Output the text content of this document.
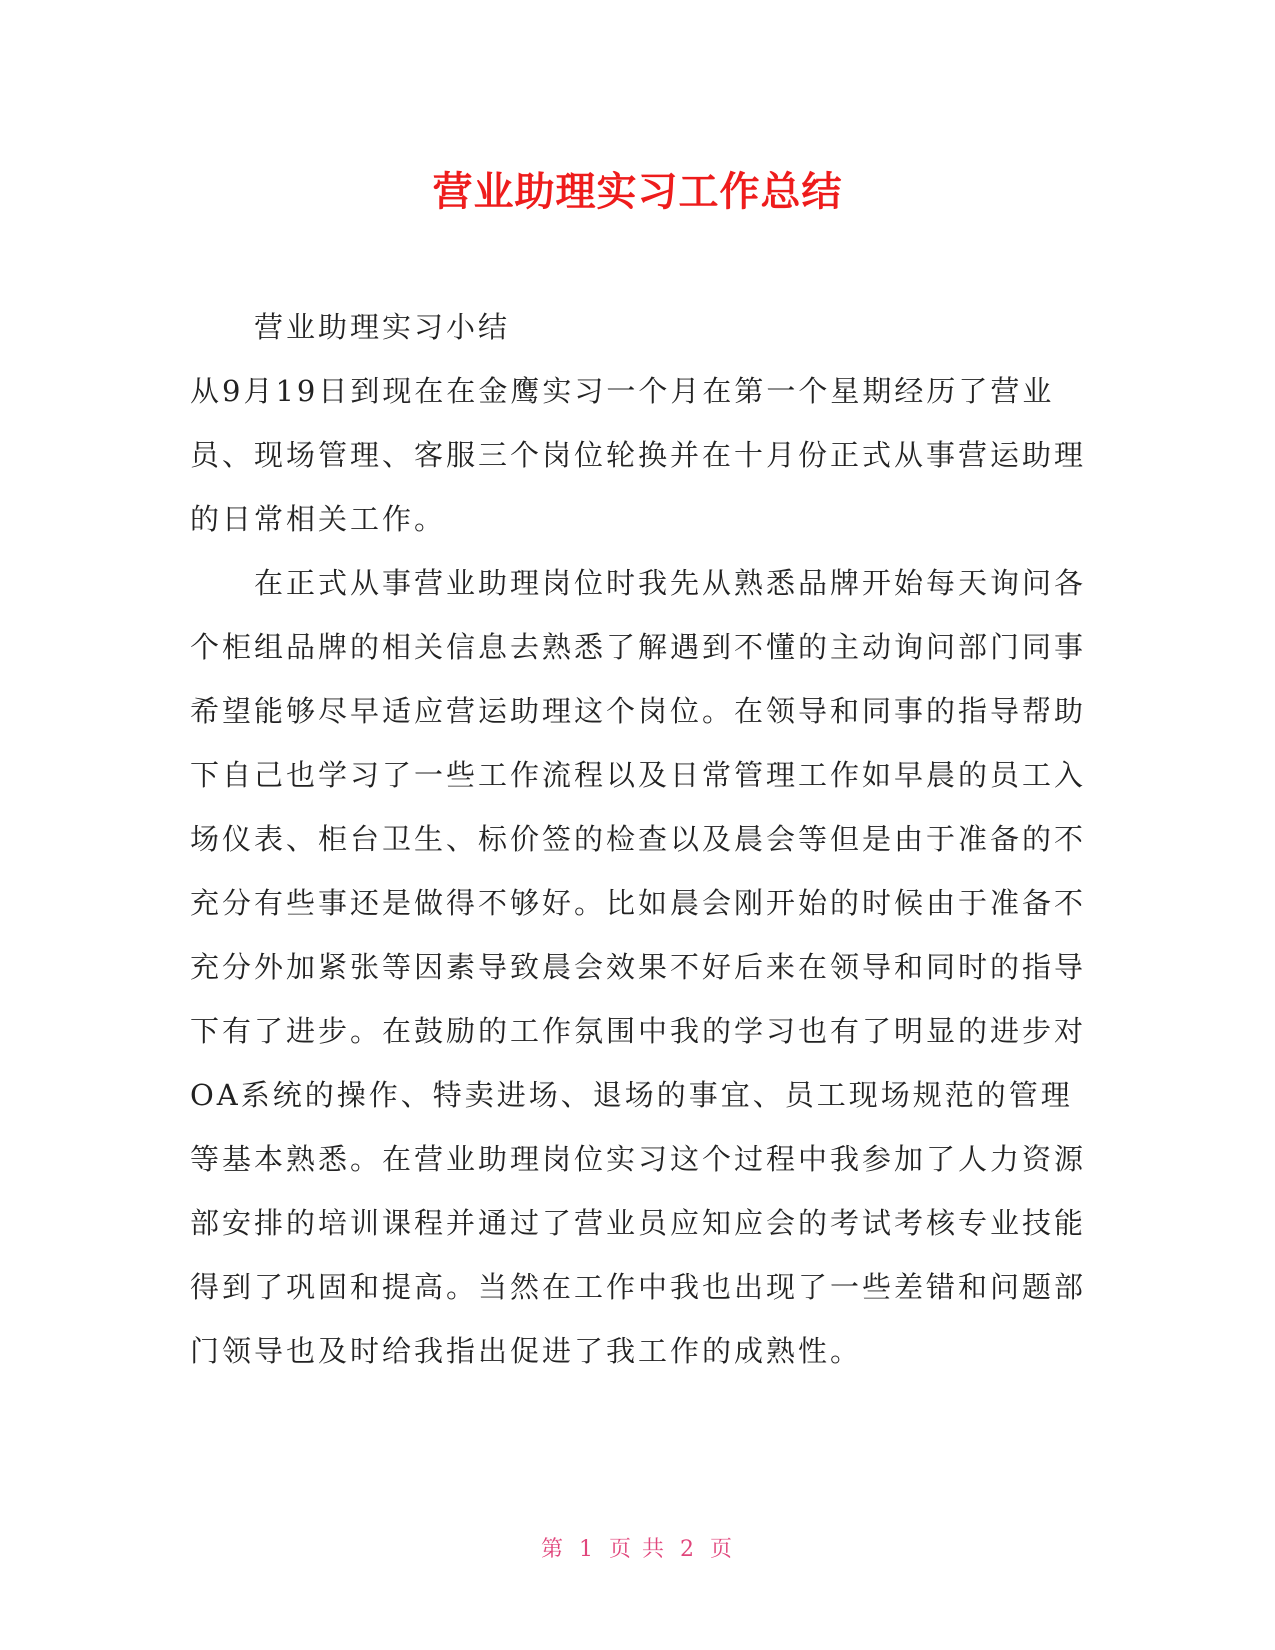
营业助理实习工作总结

营业助理实习小结

从9月19日到现在在金鹰实习一个月在第一个星期经历了营业员、现场管理、客服三个岗位轮换并在十月份正式从事营运助理的日常相关工作。

在正式从事营业助理岗位时我先从熟悉品牌开始每天询问各个柜组品牌的相关信息去熟悉了解遇到不懂的主动询问部门同事希望能够尽早适应营运助理这个岗位。在领导和同事的指导帮助下自己也学习了一些工作流程以及日常管理工作如早晨的员工入场仪表、柜台卫生、标价签的检查以及晨会等但是由于准备的不充分有些事还是做得不够好。比如晨会刚开始的时候由于准备不充分外加紧张等因素导致晨会效果不好后来在领导和同时的指导下有了进步。在鼓励的工作氛围中我的学习也有了明显的进步对OA系统的操作、特卖进场、退场的事宜、员工现场规范的管理等基本熟悉。在营业助理岗位实习这个过程中我参加了人力资源部安排的培训课程并通过了营业员应知应会的考试考核专业技能得到了巩固和提高。当然在工作中我也出现了一些差错和问题部门领导也及时给我指出促进了我工作的成熟性。

第 1 页 共 2 页
